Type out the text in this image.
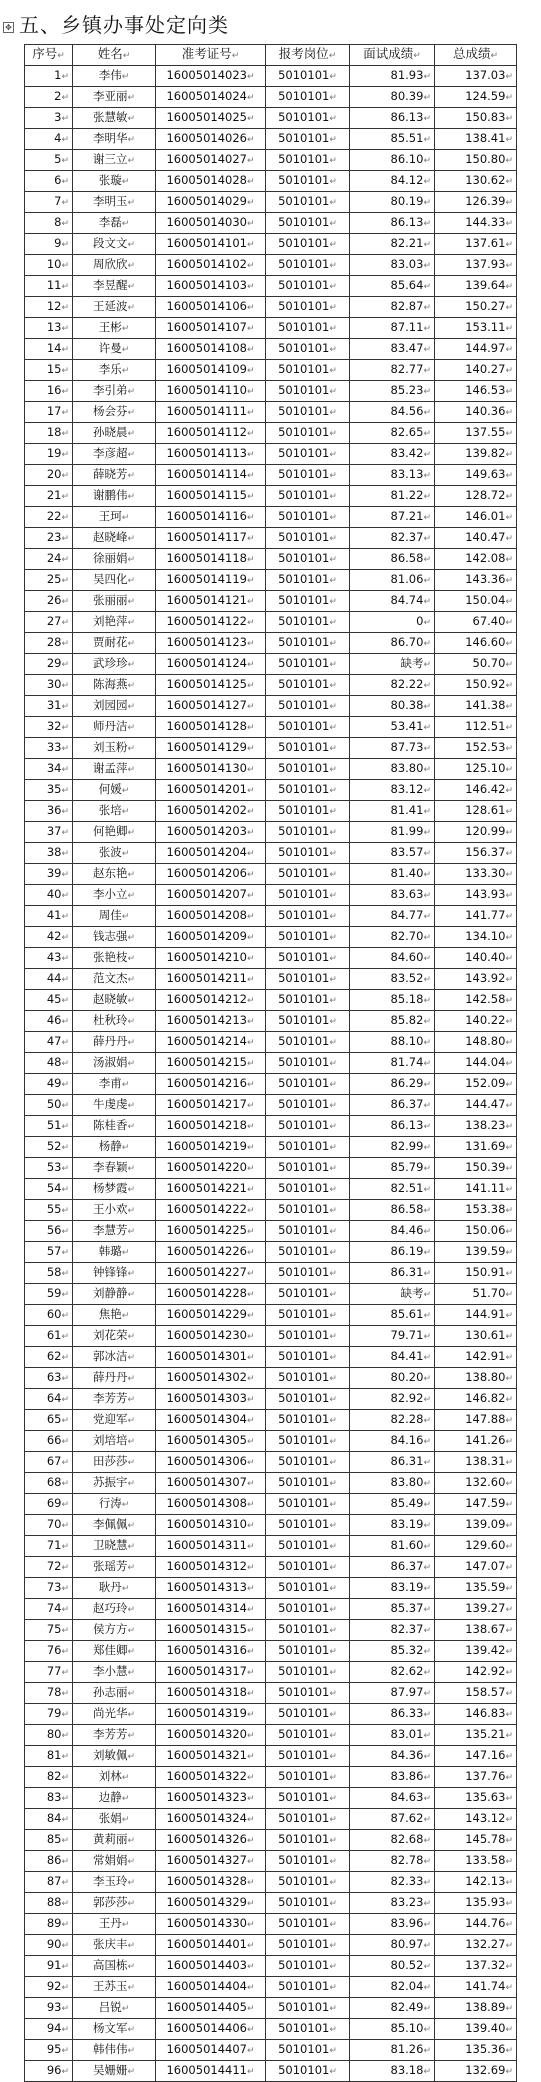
✥ 五、乡镇办事处定向类
序号↵	姓名↵	准考证号↵	报考岗位↵	面试成绩↵	总成绩↵
1↵	李伟↵	16005014023↵	5010101↵	81.93↵	137.03↵
2↵	李亚丽↵	16005014024↵	5010101↵	80.39↵	124.59↵
3↵	张慧敏↵	16005014025↵	5010101↵	86.13↵	150.83↵
4↵	李明华↵	16005014026↵	5010101↵	85.51↵	138.41↵
5↵	谢三立↵	16005014027↵	5010101↵	86.10↵	150.80↵
6↵	张璇↵	16005014028↵	5010101↵	84.12↵	130.62↵
7↵	李明玉↵	16005014029↵	5010101↵	80.19↵	126.39↵
8↵	李磊↵	16005014030↵	5010101↵	86.13↵	144.33↵
9↵	段文文↵	16005014101↵	5010101↵	82.21↵	137.61↵
10↵	周欣欣↵	16005014102↵	5010101↵	83.03↵	137.93↵
11↵	李昱醒↵	16005014103↵	5010101↵	85.64↵	139.64↵
12↵	王延波↵	16005014106↵	5010101↵	82.87↵	150.27↵
13↵	王彬↵	16005014107↵	5010101↵	87.11↵	153.11↵
14↵	许曼↵	16005014108↵	5010101↵	83.47↵	144.97↵
15↵	李乐↵	16005014109↵	5010101↵	82.77↵	140.27↵
16↵	李引弟↵	16005014110↵	5010101↵	85.23↵	146.53↵
17↵	杨会芬↵	16005014111↵	5010101↵	84.56↵	140.36↵
18↵	孙晓晨↵	16005014112↵	5010101↵	82.65↵	137.55↵
19↵	李彦超↵	16005014113↵	5010101↵	83.42↵	139.82↵
20↵	薛晓芳↵	16005014114↵	5010101↵	83.13↵	149.63↵
21↵	谢鹏伟↵	16005014115↵	5010101↵	81.22↵	128.72↵
22↵	王珂↵	16005014116↵	5010101↵	87.21↵	146.01↵
23↵	赵晓峰↵	16005014117↵	5010101↵	82.37↵	140.47↵
24↵	徐丽娟↵	16005014118↵	5010101↵	86.58↵	142.08↵
25↵	吴四化↵	16005014119↵	5010101↵	81.06↵	143.36↵
26↵	张丽丽↵	16005014121↵	5010101↵	84.74↵	150.04↵
27↵	刘艳萍↵	16005014122↵	5010101↵	0↵	67.40↵
28↵	贾耐花↵	16005014123↵	5010101↵	86.70↵	146.60↵
29↵	武珍珍↵	16005014124↵	5010101↵	缺考↵	50.70↵
30↵	陈海燕↵	16005014125↵	5010101↵	82.22↵	150.92↵
31↵	刘园园↵	16005014127↵	5010101↵	80.38↵	141.38↵
32↵	师丹洁↵	16005014128↵	5010101↵	53.41↵	112.51↵
33↵	刘玉粉↵	16005014129↵	5010101↵	87.73↵	152.53↵
34↵	谢孟萍↵	16005014130↵	5010101↵	83.80↵	125.10↵
35↵	何媛↵	16005014201↵	5010101↵	83.12↵	146.42↵
36↵	张培↵	16005014202↵	5010101↵	81.41↵	128.61↵
37↵	何艳卿↵	16005014203↵	5010101↵	81.99↵	120.99↵
38↵	张波↵	16005014204↵	5010101↵	83.57↵	156.37↵
39↵	赵东艳↵	16005014206↵	5010101↵	81.40↵	133.30↵
40↵	李小立↵	16005014207↵	5010101↵	83.63↵	143.93↵
41↵	周佳↵	16005014208↵	5010101↵	84.77↵	141.77↵
42↵	钱志强↵	16005014209↵	5010101↵	82.70↵	134.10↵
43↵	张艳枝↵	16005014210↵	5010101↵	84.60↵	140.40↵
44↵	范文杰↵	16005014211↵	5010101↵	83.52↵	143.92↵
45↵	赵晓敏↵	16005014212↵	5010101↵	85.18↵	142.58↵
46↵	杜秋玲↵	16005014213↵	5010101↵	85.82↵	140.22↵
47↵	薛丹丹↵	16005014214↵	5010101↵	88.10↵	148.80↵
48↵	汤淑娟↵	16005014215↵	5010101↵	81.74↵	144.04↵
49↵	李甫↵	16005014216↵	5010101↵	86.29↵	152.09↵
50↵	牛虔虔↵	16005014217↵	5010101↵	86.37↵	144.47↵
51↵	陈桂香↵	16005014218↵	5010101↵	86.13↵	138.23↵
52↵	杨静↵	16005014219↵	5010101↵	82.99↵	131.69↵
53↵	李春颖↵	16005014220↵	5010101↵	85.79↵	150.39↵
54↵	杨梦霞↵	16005014221↵	5010101↵	82.51↵	141.11↵
55↵	王小欢↵	16005014222↵	5010101↵	86.58↵	153.38↵
56↵	李慧芳↵	16005014225↵	5010101↵	84.46↵	150.06↵
57↵	韩璐↵	16005014226↵	5010101↵	86.19↵	139.59↵
58↵	钟锋锋↵	16005014227↵	5010101↵	86.31↵	150.91↵
59↵	刘静静↵	16005014228↵	5010101↵	缺考↵	51.70↵
60↵	焦艳↵	16005014229↵	5010101↵	85.61↵	144.91↵
61↵	刘花荣↵	16005014230↵	5010101↵	79.71↵	130.61↵
62↵	郭冰洁↵	16005014301↵	5010101↵	84.41↵	142.91↵
63↵	薛丹丹↵	16005014302↵	5010101↵	80.20↵	138.80↵
64↵	李芳芳↵	16005014303↵	5010101↵	82.92↵	146.82↵
65↵	党迎军↵	16005014304↵	5010101↵	82.28↵	147.88↵
66↵	刘培培↵	16005014305↵	5010101↵	84.16↵	141.26↵
67↵	田莎莎↵	16005014306↵	5010101↵	86.31↵	138.31↵
68↵	苏振宇↵	16005014307↵	5010101↵	83.80↵	132.60↵
69↵	行涛↵	16005014308↵	5010101↵	85.49↵	147.59↵
70↵	李佩佩↵	16005014310↵	5010101↵	83.19↵	139.09↵
71↵	卫晓慧↵	16005014311↵	5010101↵	81.60↵	129.60↵
72↵	张瑶芳↵	16005014312↵	5010101↵	86.37↵	147.07↵
73↵	耿丹↵	16005014313↵	5010101↵	83.19↵	135.59↵
74↵	赵巧玲↵	16005014314↵	5010101↵	85.37↵	139.27↵
75↵	侯方方↵	16005014315↵	5010101↵	82.37↵	138.67↵
76↵	郑佳卿↵	16005014316↵	5010101↵	85.32↵	139.42↵
77↵	李小慧↵	16005014317↵	5010101↵	82.62↵	142.92↵
78↵	孙志丽↵	16005014318↵	5010101↵	87.97↵	158.57↵
79↵	尚光华↵	16005014319↵	5010101↵	86.33↵	146.83↵
80↵	李芳芳↵	16005014320↵	5010101↵	83.01↵	135.21↵
81↵	刘敏佩↵	16005014321↵	5010101↵	84.36↵	147.16↵
82↵	刘林↵	16005014322↵	5010101↵	83.86↵	137.76↵
83↵	边静↵	16005014323↵	5010101↵	84.63↵	135.63↵
84↵	张娟↵	16005014324↵	5010101↵	87.62↵	143.12↵
85↵	黄莉丽↵	16005014326↵	5010101↵	82.68↵	145.78↵
86↵	常娟娟↵	16005014327↵	5010101↵	82.78↵	133.58↵
87↵	李玉玲↵	16005014328↵	5010101↵	82.33↵	142.13↵
88↵	郭莎莎↵	16005014329↵	5010101↵	83.23↵	135.93↵
89↵	王丹↵	16005014330↵	5010101↵	83.96↵	144.76↵
90↵	张庆丰↵	16005014401↵	5010101↵	80.97↵	132.27↵
91↵	高国栋↵	16005014403↵	5010101↵	80.52↵	137.32↵
92↵	王苏玉↵	16005014404↵	5010101↵	82.04↵	141.74↵
93↵	吕锐↵	16005014405↵	5010101↵	82.49↵	138.89↵
94↵	杨文军↵	16005014406↵	5010101↵	85.10↵	139.40↵
95↵	韩伟伟↵	16005014407↵	5010101↵	81.26↵	135.36↵
96↵	吴姗姗↵	16005014411↵	5010101↵	83.18↵	132.69↵
